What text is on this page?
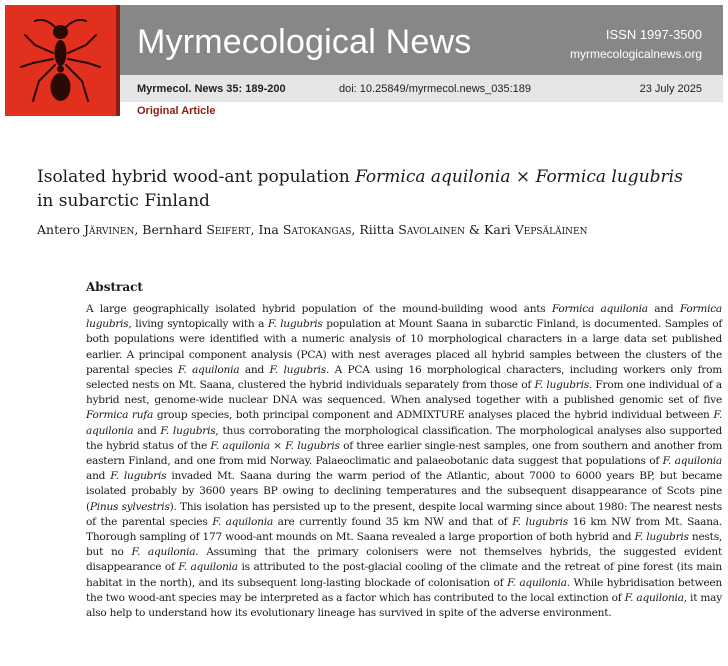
Myrmecological News	ISSN 1997-3500
myrmecologicalnews.org
Myrmecol. News 35: 189-200	doi: 10.25849/myrmecol.news_035:189	23 July 2025
Original Article
Isolated hybrid wood-ant population Formica aquilonia × Formica lugubris
in subarctic Finland
Antero Järvinen, Bernhard Seifert, Ina Satokangas, Riitta Savolainen & Kari Vepsäläinen
Abstract
A large geographically isolated hybrid population of the mound-building wood ants Formica aquilonia and Formica lugubris, living syntopically with a F. lugubris population at Mount Saana in subarctic Finland, is documented. Samples of both populations were identified with a numeric analysis of 10 morphological characters in a large data set published earlier. A principal component analysis (PCA) with nest averages placed all hybrid samples between the clusters of the parental species F. aquilonia and F. lugubris. A PCA using 16 morphological characters, including workers only from selected nests on Mt. Saana, clustered the hybrid individuals separately from those of F. lugubris. From one individual of a hybrid nest, genome-wide nuclear DNA was sequenced. When analysed together with a published genomic set of five Formica rufa group species, both principal component and ADMIXTURE analyses placed the hybrid individual between F. aquilonia and F. lugubris, thus corroborating the morphological classification. The morphological analyses also supported the hybrid status of the F. aquilonia × F. lugubris of three earlier single-nest samples, one from southern and another from eastern Finland, and one from mid Norway. Palaeoclimatic and palaeobotanic data suggest that populations of F. aquilonia and F. lugubris invaded Mt. Saana during the warm period of the Atlantic, about 7000 to 6000 years BP, but became isolated probably by 3600 years BP owing to declining temperatures and the subsequent disappearance of Scots pine (Pinus sylvestris). This isolation has persisted up to the present, despite local warming since about 1980: The nearest nests of the parental species F. aquilonia are currently found 35 km NW and that of F. lugubris 16 km NW from Mt. Saana. Thorough sampling of 177 wood-ant mounds on Mt. Saana revealed a large proportion of both hybrid and F. lugubris nests, but no F. aquilonia. Assuming that the primary colonisers were not themselves hybrids, the suggested evident disappearance of F. aquilonia is attributed to the post-glacial cooling of the climate and the retreat of pine forest (its main habitat in the north), and its subsequent long-lasting blockade of colonisation of F. aquilonia. While hybridisation between the two wood-ant species may be interpreted as a factor which has contributed to the local extinction of F. aquilonia, it may also help to understand how its evolutionary lineage has survived in spite of the adverse environment.
